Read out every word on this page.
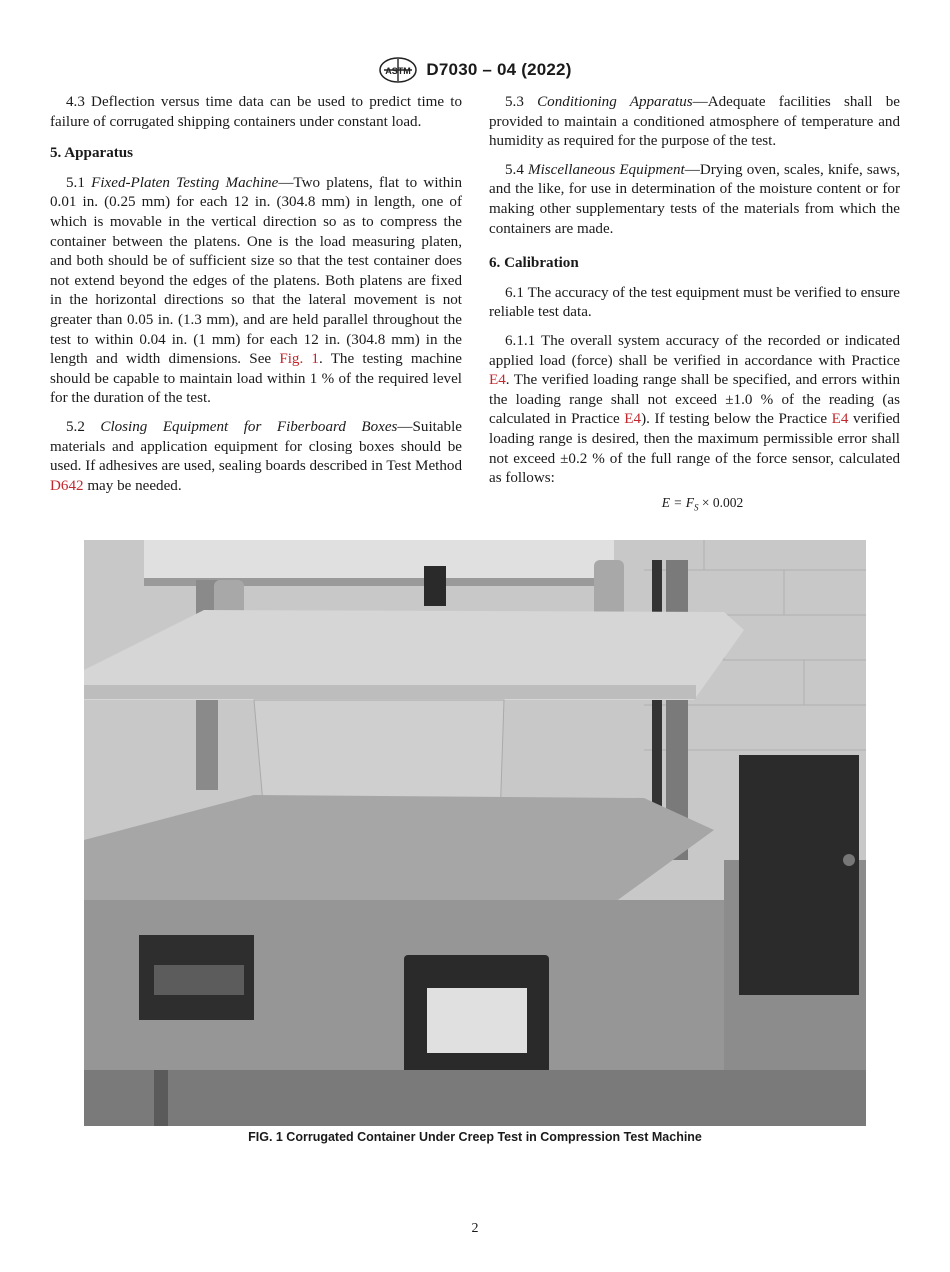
ASTM D7030 – 04 (2022)

4.3 Deflection versus time data can be used to predict time to failure of corrugated shipping containers under constant load.

5. Apparatus

5.1 Fixed-Platen Testing Machine—Two platens, flat to within 0.01 in. (0.25 mm) for each 12 in. (304.8 mm) in length, one of which is movable in the vertical direction so as to compress the container between the platens. One is the load measuring platen, and both should be of sufficient size so that the test container does not extend beyond the edges of the platens. Both platens are fixed in the horizontal directions so that the lateral movement is not greater than 0.05 in. (1.3 mm), and are held parallel throughout the test to within 0.04 in. (1 mm) for each 12 in. (304.8 mm) in the length and width dimensions. See Fig. 1. The testing machine should be capable to maintain load within 1 % of the required level for the duration of the test.

5.2 Closing Equipment for Fiberboard Boxes—Suitable materials and application equipment for closing boxes should be used. If adhesives are used, sealing boards described in Test Method D642 may be needed.

5.3 Conditioning Apparatus—Adequate facilities shall be provided to maintain a conditioned atmosphere of temperature and humidity as required for the purpose of the test.

5.4 Miscellaneous Equipment—Drying oven, scales, knife, saws, and the like, for use in determination of the moisture content or for making other supplementary tests of the materials from which the containers are made.

6. Calibration

6.1 The accuracy of the test equipment must be verified to ensure reliable test data.

6.1.1 The overall system accuracy of the recorded or indicated applied load (force) shall be verified in accordance with Practice E4. The verified loading range shall be specified, and errors within the loading range shall not exceed ±1.0 % of the reading (as calculated in Practice E4). If testing below the Practice E4 verified loading range is desired, then the maximum permissible error shall not exceed ±0.2 % of the full range of the force sensor, calculated as follows:

$E = F_S \times 0.002$

FIG. 1 Corrugated Container Under Creep Test in Compression Test Machine
2
